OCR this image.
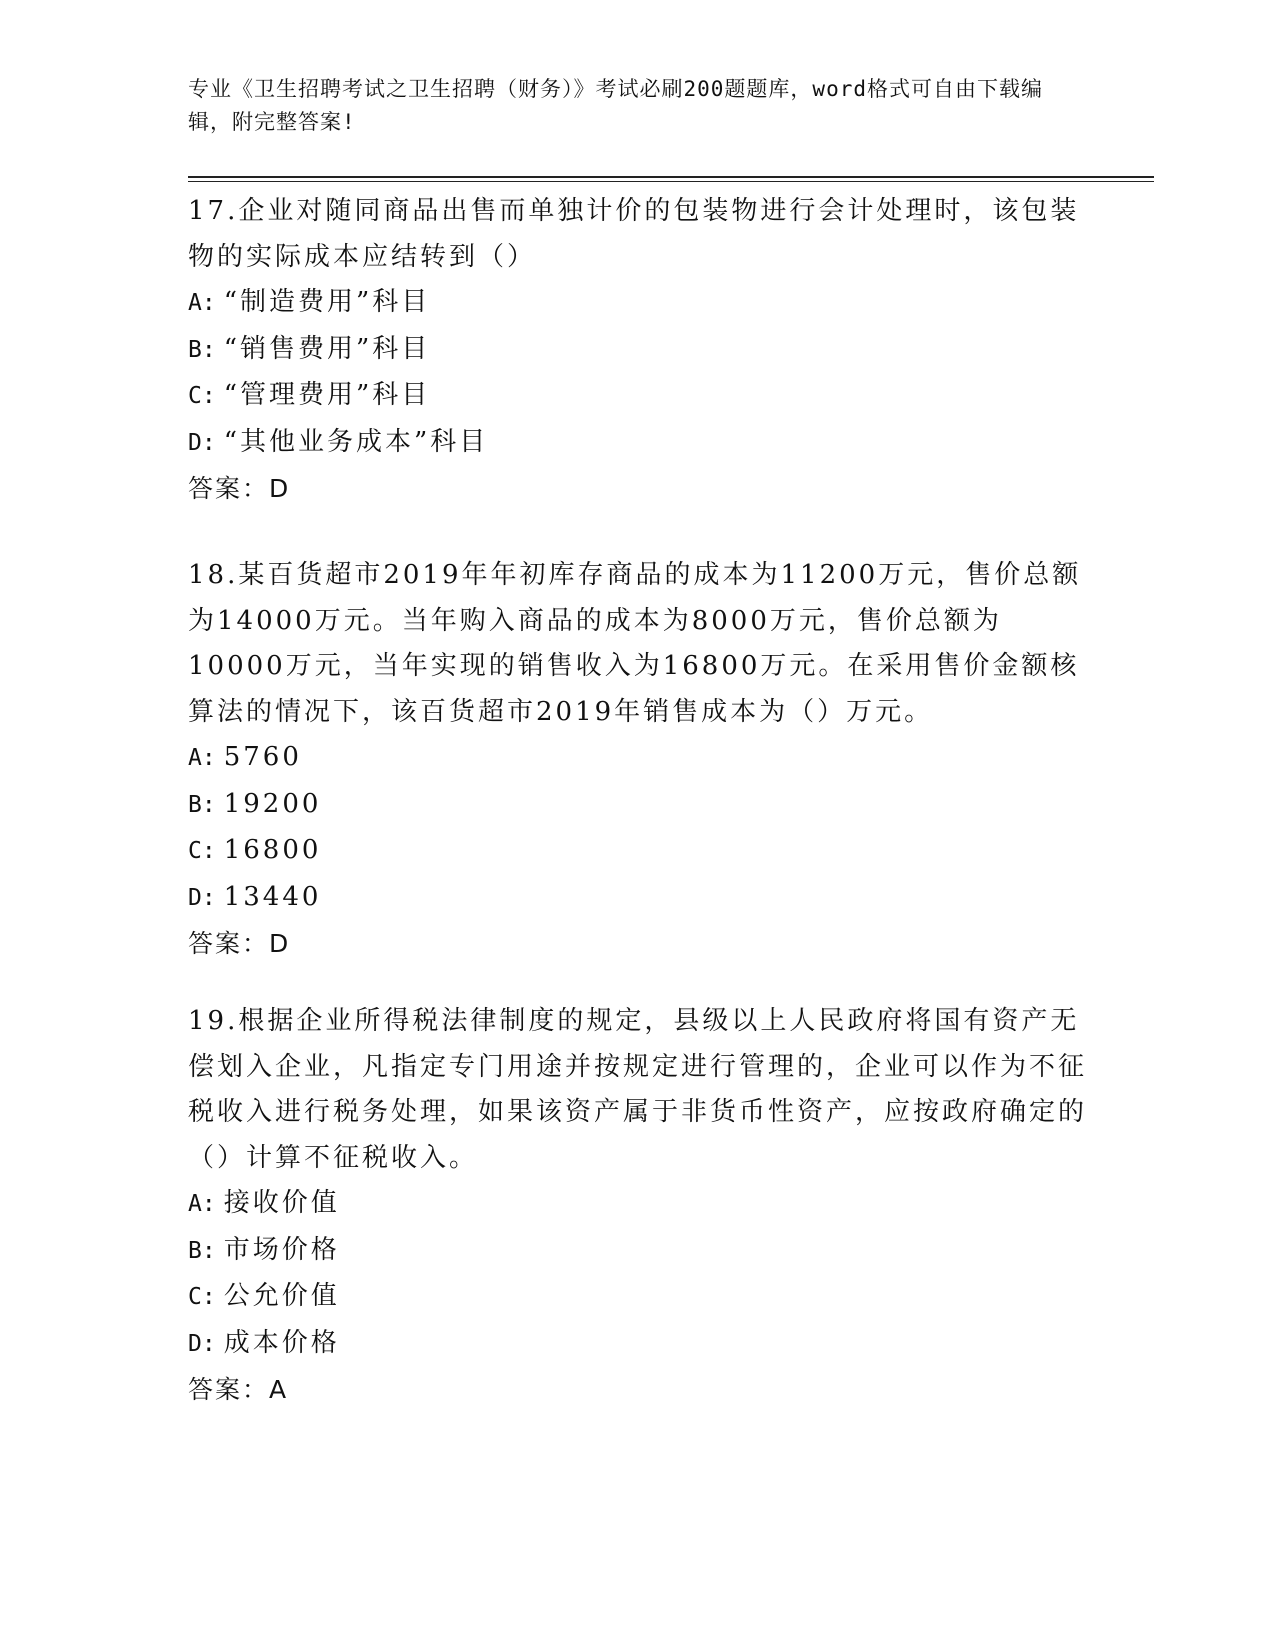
专业《卫生招聘考试之卫生招聘（财务）》考试必刷200题题库，word格式可自由下载编辑，附完整答案!

17.企业对随同商品出售而单独计价的包装物进行会计处理时，该包装物的实际成本应结转到（）

A: “制造费用”科目

B: “销售费用”科目

C: “管理费用”科目

D: “其他业务成本”科目

答案：D

18.某百货超市2019年年初库存商品的成本为11200万元，售价总额为14000万元。当年购入商品的成本为8000万元，售价总额为10000万元，当年实现的销售收入为16800万元。在采用售价金额核算法的情况下，该百货超市2019年销售成本为（）万元。

A: 5760

B: 19200

C: 16800

D: 13440

答案：D

19.根据企业所得税法律制度的规定，县级以上人民政府将国有资产无偿划入企业，凡指定专门用途并按规定进行管理的，企业可以作为不征税收入进行税务处理，如果该资产属于非货币性资产，应按政府确定的（）计算不征税收入。

A: 接收价值

B: 市场价格

C: 公允价值

D: 成本价格

答案：A
